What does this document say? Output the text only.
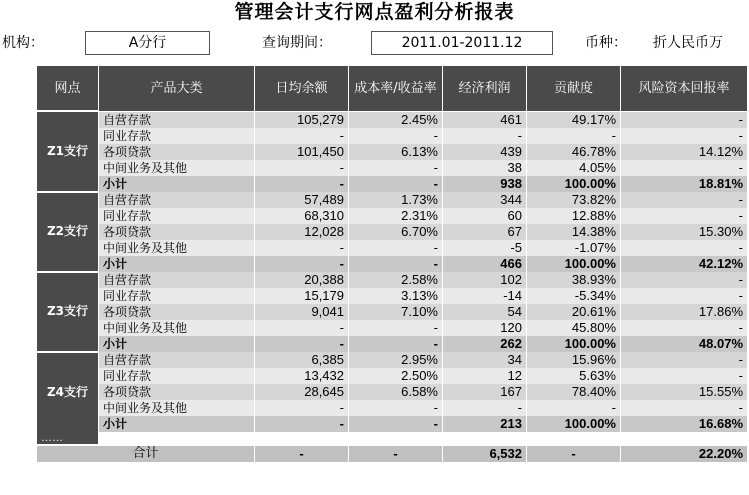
管理会计支行网点盈利分析报表
机构：	A分行	查询期间：	2011.01-2011.12	币种： 折人民币万
网点	产品大类	日均余额	成本率/收益率	经济利润	贡献度	风险资本回报率
Z1支行	自营存款	105,279	2.45%	461	49.17%	-
	同业存款	-	-	-	-	-
	各项贷款	101,450	6.13%	439	46.78%	14.12%
	中间业务及其他	-	-	38	4.05%	-
	小计	-	-	938	100.00%	18.81%
Z2支行	自营存款	57,489	1.73%	344	73.82%	-
	同业存款	68,310	2.31%	60	12.88%	-
	各项贷款	12,028	6.70%	67	14.38%	15.30%
	中间业务及其他	-	-	-5	-1.07%	-
	小计	-	-	466	100.00%	42.12%
Z3支行	自营存款	20,388	2.58%	102	38.93%	-
	同业存款	15,179	3.13%	-14	-5.34%	-
	各项贷款	9,041	7.10%	54	20.61%	17.86%
	中间业务及其他	-	-	120	45.80%	-
	小计	-	-	262	100.00%	48.07%
Z4支行	自营存款	6,385	2.95%	34	15.96%	-
	同业存款	13,432	2.50%	12	5.63%	-
	各项贷款	28,645	6.58%	167	78.40%	15.55%
	中间业务及其他	-	-	-	-	-
	小计	-	-	213	100.00%	16.68%
……						
合计		-	-	6,532	-	22.20%
